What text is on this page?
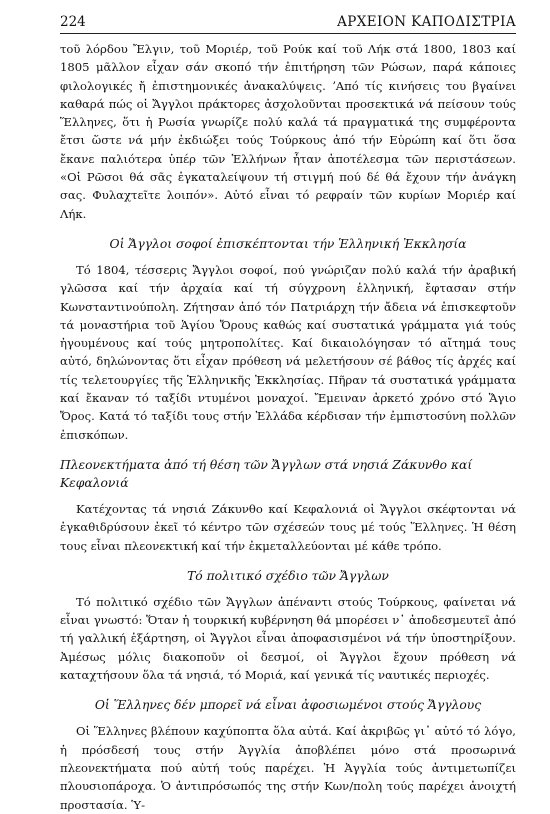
224	ΑΡΧΕΙΟΝ ΚΑΠΟΔΙΣΤΡΙΑ

τοῦ λόρδου Ἔλγιν, τοῦ Μοριέρ, τοῦ Ρούκ καί τοῦ Λήκ στά 1800, 1803 καί 1805 μᾶλλον εἶχαν σάν σκοπό τήν ἐπιτήρηση τῶν Ρώσων, παρά κάποιες φιλολογικές ἤ ἐπιστημονικές ἀνακαλύψεις. ʼΑπό τίς κινήσεις του βγαίνει καθαρά πώς οἱ Ἄγγλοι πράκτορες ἀσχολοῦνται προσεκτικά νά πείσουν τούς Ἕλληνες, ὅτι ἡ Ρωσία γνωρίζε πολύ καλά τά πραγματικά της συμφέροντα ἔτσι ὥστε νά μήν ἐκδιώξει τούς Τούρκους ἀπό τήν Εὐρώπη καί ὅτι ὅσα ἔκανε παλιότερα ὑπέρ τῶν Ἑλλήνων ἦταν ἀποτέλεσμα τῶν περιστάσεων. «Οἱ Ρῶσοι θά σᾶς ἐγκαταλείψουν τή στιγμή πού δέ θά ἔχουν τήν ἀνάγκη σας. Φυλαχτεῖτε λοιπόν». Αὐτό εἶναι τό ρεφραίν τῶν κυρίων Μοριέρ καί Λήκ.

Οἱ Ἄγγλοι σοφοί ἐπισκέπτονται τήν Ἑλληνική Ἐκκλησία

Τό 1804, τέσσερις Ἄγγλοι σοφοί, πού γνώριζαν πολύ καλά τήν ἀραβική γλῶσσα καί τήν ἀρχαία καί τή σύγχρονη ἑλληνική, ἔφτασαν στήν Κωνσταντινούπολη. Ζήτησαν ἀπό τόν Πατριάρχη τήν ἄδεια νά ἐπισκεφτοῦν τά μοναστήρια τοῦ Ἁγίου Ὄρους καθώς καί συστατικά γράμματα γιά τούς ἡγουμένους καί τούς μητροπολίτες. Καί δικαιολόγησαν τό αἴτημά τους αὐτό, δηλώνοντας ὅτι εἶχαν πρόθεση νά μελετήσουν σέ βάθος τίς ἀρχές καί τίς τελετουργίες τῆς Ἑλληνικῆς Ἐκκλησίας. Πῆραν τά συστατικά γράμματα καί ἔκαναν τό ταξίδι ντυμένοι μοναχοί. Ἔμειναν ἀρκετό χρόνο στό Ἅγιο Ὄρος. Κατά τό ταξίδι τους στήν Ἑλλάδα κέρδισαν τήν ἐμπιστοσύνη πολλῶν ἐπισκόπων.

Πλεονεκτήματα ἀπό τή θέση τῶν Ἄγγλων στά νησιά Ζάκυνθο καί Κεφαλονιά

Κατέχοντας τά νησιά Ζάκυνθο καί Κεφαλονιά οἱ Ἄγγλοι σκέφτονται νά ἐγκαθιδρύσουν ἐκεῖ τό κέντρο τῶν σχέσεών τους μέ τούς Ἕλληνες. Ἡ θέση τους εἶναι πλεονεκτική καί τήν ἐκμεταλλεύονται μέ κάθε τρόπο.

Τό πολιτικό σχέδιο τῶν Ἄγγλων

Τό πολιτικό σχέδιο τῶν Ἄγγλων ἀπέναντι στούς Τούρκους, φαίνεται νά εἶναι γνωστό: Ὅταν ἡ τουρκική κυβέρνηση θά μπορέσει ν᾽ ἀποδεσμευτεῖ ἀπό τή γαλλική ἐξάρτηση, οἱ Ἄγγλοι εἶναι ἀποφασισμένοι νά τήν ὑποστηρίξουν. Ἀμέσως μόλις διακοποῦν οἱ δεσμοί, οἱ Ἄγγλοι ἔχουν πρόθεση νά καταχτήσουν ὅλα τά νησιά, τό Μοριά, καί γενικά τίς ναυτικές περιοχές.

Οἱ Ἕλληνες δέν μπορεῖ νά εἶναι ἀφοσιωμένοι στούς Ἄγγλους

Οἱ Ἕλληνες βλέπουν καχύποπτα ὅλα αὐτά. Καί ἀκριβῶς γι᾽ αὐτό τό λόγο, ἡ πρόσδεσή τους στήν Ἀγγλία ἀποβλέπει μόνο στά προσωρινά πλεονεκτήματα πού αὐτή τούς παρέχει. Ἡ Ἀγγλία τούς ἀντιμετωπίζει πλουσιοπάροχα. Ὁ ἀντιπρόσωπός της στήν Κων/πολη τούς παρέχει ἀνοιχτή προστασία. Ὑ-
